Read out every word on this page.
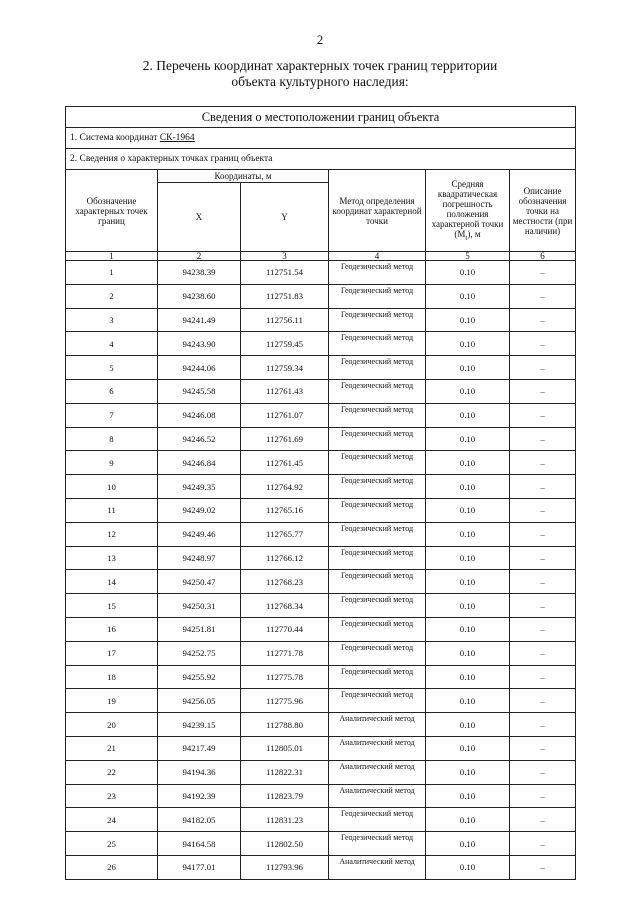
2
2. Перечень координат характерных точек границ территории
объекта культурного наследия:
Сведения о местоположении границ объекта					
1. Система координат СК-1964					
2. Сведения о характерных точках границ объекта					
Обозначение характерных точек границ	Координаты, м		Метод определения координат характерной точки	Средняя квадратическая погрешность положения характерной точки $(М_t)$, м	Описание обозначения точки на местности (при наличии)
	X	Y			
1	2	3	4	5	6
1	94238.39	112751.54	Геодезический метод	0.10	–
2	94238.60	112751.83	Геодезический метод	0.10	–
3	94241.49	112756.11	Геодезический метод	0.10	–
4	94243.90	112759.45	Геодезический метод	0.10	–
5	94244.06	112759.34	Геодезический метод	0.10	–
6	94245.58	112761.43	Геодезический метод	0.10	–
7	94246.08	112761.07	Геодезический метод	0.10	–
8	94246.52	112761.69	Геодезический метод	0.10	–
9	94246.84	112761.45	Геодезический метод	0.10	–
10	94249.35	112764.92	Геодезический метод	0.10	–
11	94249.02	112765.16	Геодезический метод	0.10	–
12	94249.46	112765.77	Геодезический метод	0.10	–
13	94248.97	112766.12	Геодезический метод	0.10	–
14	94250.47	112768.23	Геодезический метод	0.10	–
15	94250.31	112768.34	Геодезический метод	0.10	–
16	94251.81	112770.44	Геодезический метод	0.10	–
17	94252.75	112771.78	Геодезический метод	0.10	–
18	94255.92	112775.78	Геодезический метод	0.10	–
19	94256.05	112775.96	Геодезический метод	0.10	–
20	94239.15	112788.80	Аналитический метод	0.10	–
21	94217.49	112805.01	Аналитический метод	0.10	–
22	94194.36	112822.31	Аналитический метод	0.10	–
23	94192.39	112823.79	Аналитический метод	0.10	–
24	94182.05	112831.23	Геодезический метод	0.10	–
25	94164.58	112802.50	Геодезический метод	0.10	–
26	94177.01	112793.96	Аналитический метод	0.10	–
